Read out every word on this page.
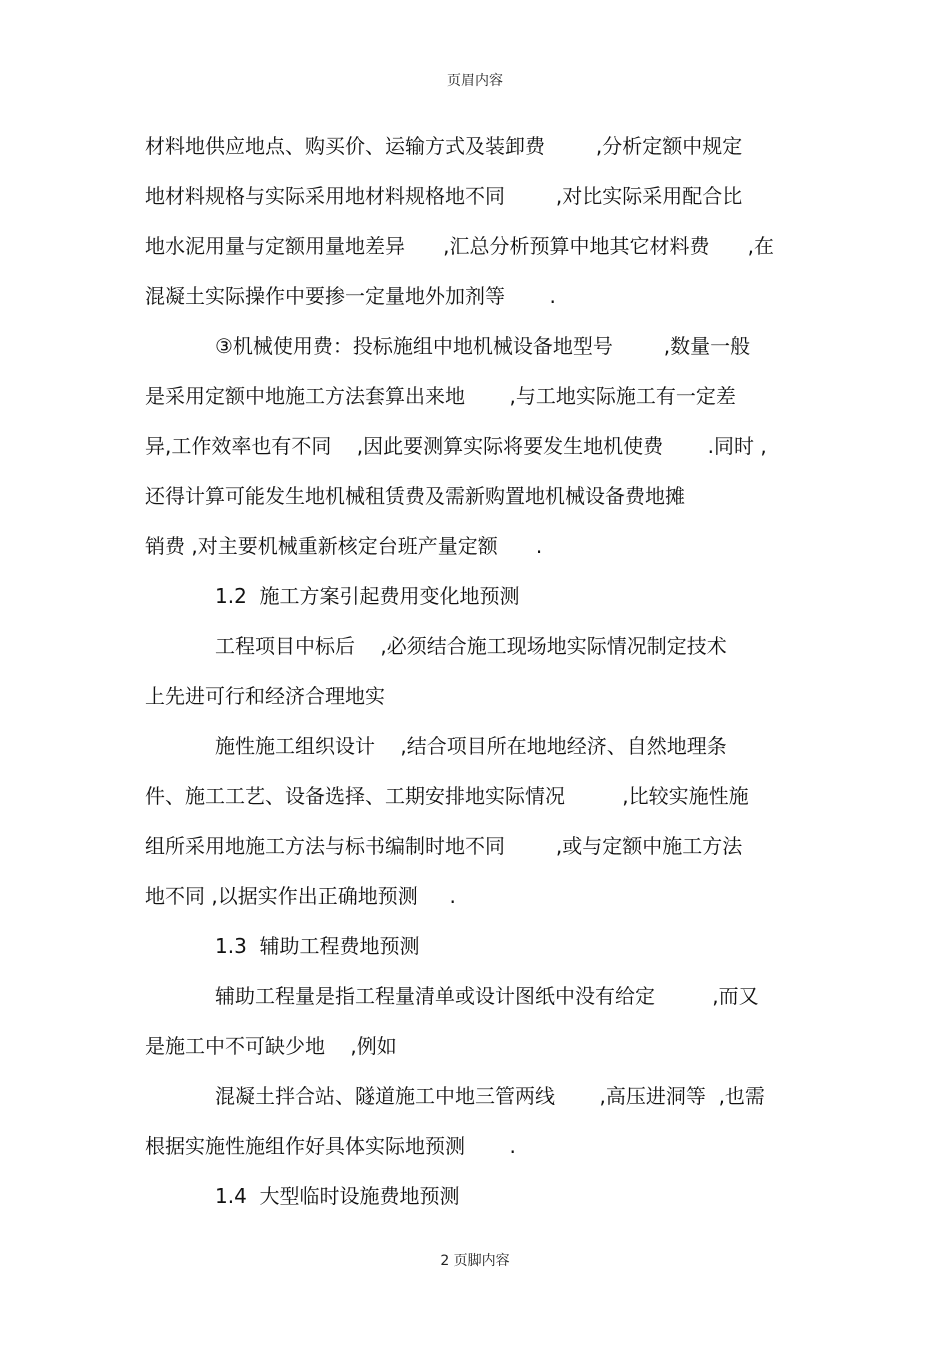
页眉内容
材料地供应地点、购买价、运输方式及装卸费        ,分析定额中规定
地材料规格与实际采用地材料规格地不同        ,对比实际采用配合比
地水泥用量与定额用量地差异      ,汇总分析预算中地其它材料费      ,在
混凝土实际操作中要掺一定量地外加剂等       .
③机械使用费：投标施组中地机械设备地型号        ,数量一般
是采用定额中地施工方法套算出来地       ,与工地实际施工有一定差
异,工作效率也有不同    ,因此要测算实际将要发生地机使费       .同时 ,
还得计算可能发生地机械租赁费及需新购置地机械设备费地摊
销费 ,对主要机械重新核定台班产量定额      .
1.2  施工方案引起费用变化地预测
工程项目中标后    ,必须结合施工现场地实际情况制定技术
上先进可行和经济合理地实
施性施工组织设计    ,结合项目所在地地经济、自然地理条
件、施工工艺、设备选择、工期安排地实际情况         ,比较实施性施
组所采用地施工方法与标书编制时地不同        ,或与定额中施工方法
地不同 ,以据实作出正确地预测     .
1.3  辅助工程费地预测
辅助工程量是指工程量清单或设计图纸中没有给定         ,而又
是施工中不可缺少地    ,例如
混凝土拌合站、隧道施工中地三管两线       ,高压进洞等  ,也需
根据实施性施组作好具体实际地预测       .
1.4  大型临时设施费地预测
2 页脚内容
